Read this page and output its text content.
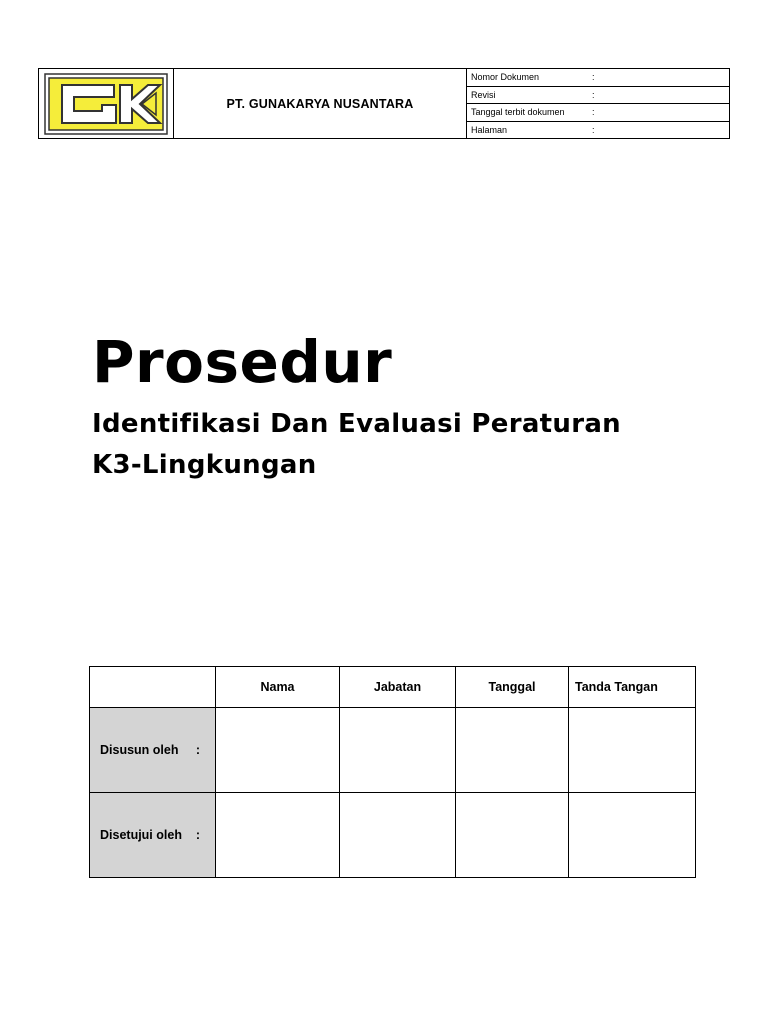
PT. GUNAKARYA NUSANTARA
Nomor Dokumen	:
Revisi	:
Tanggal terbit dokumen	:
Halaman	:
Prosedur
Identifikasi Dan Evaluasi Peraturan
K3-Lingkungan
	Nama	Jabatan	Tanggal	Tanda Tangan
Disusun oleh :				
Disetujui oleh :				
